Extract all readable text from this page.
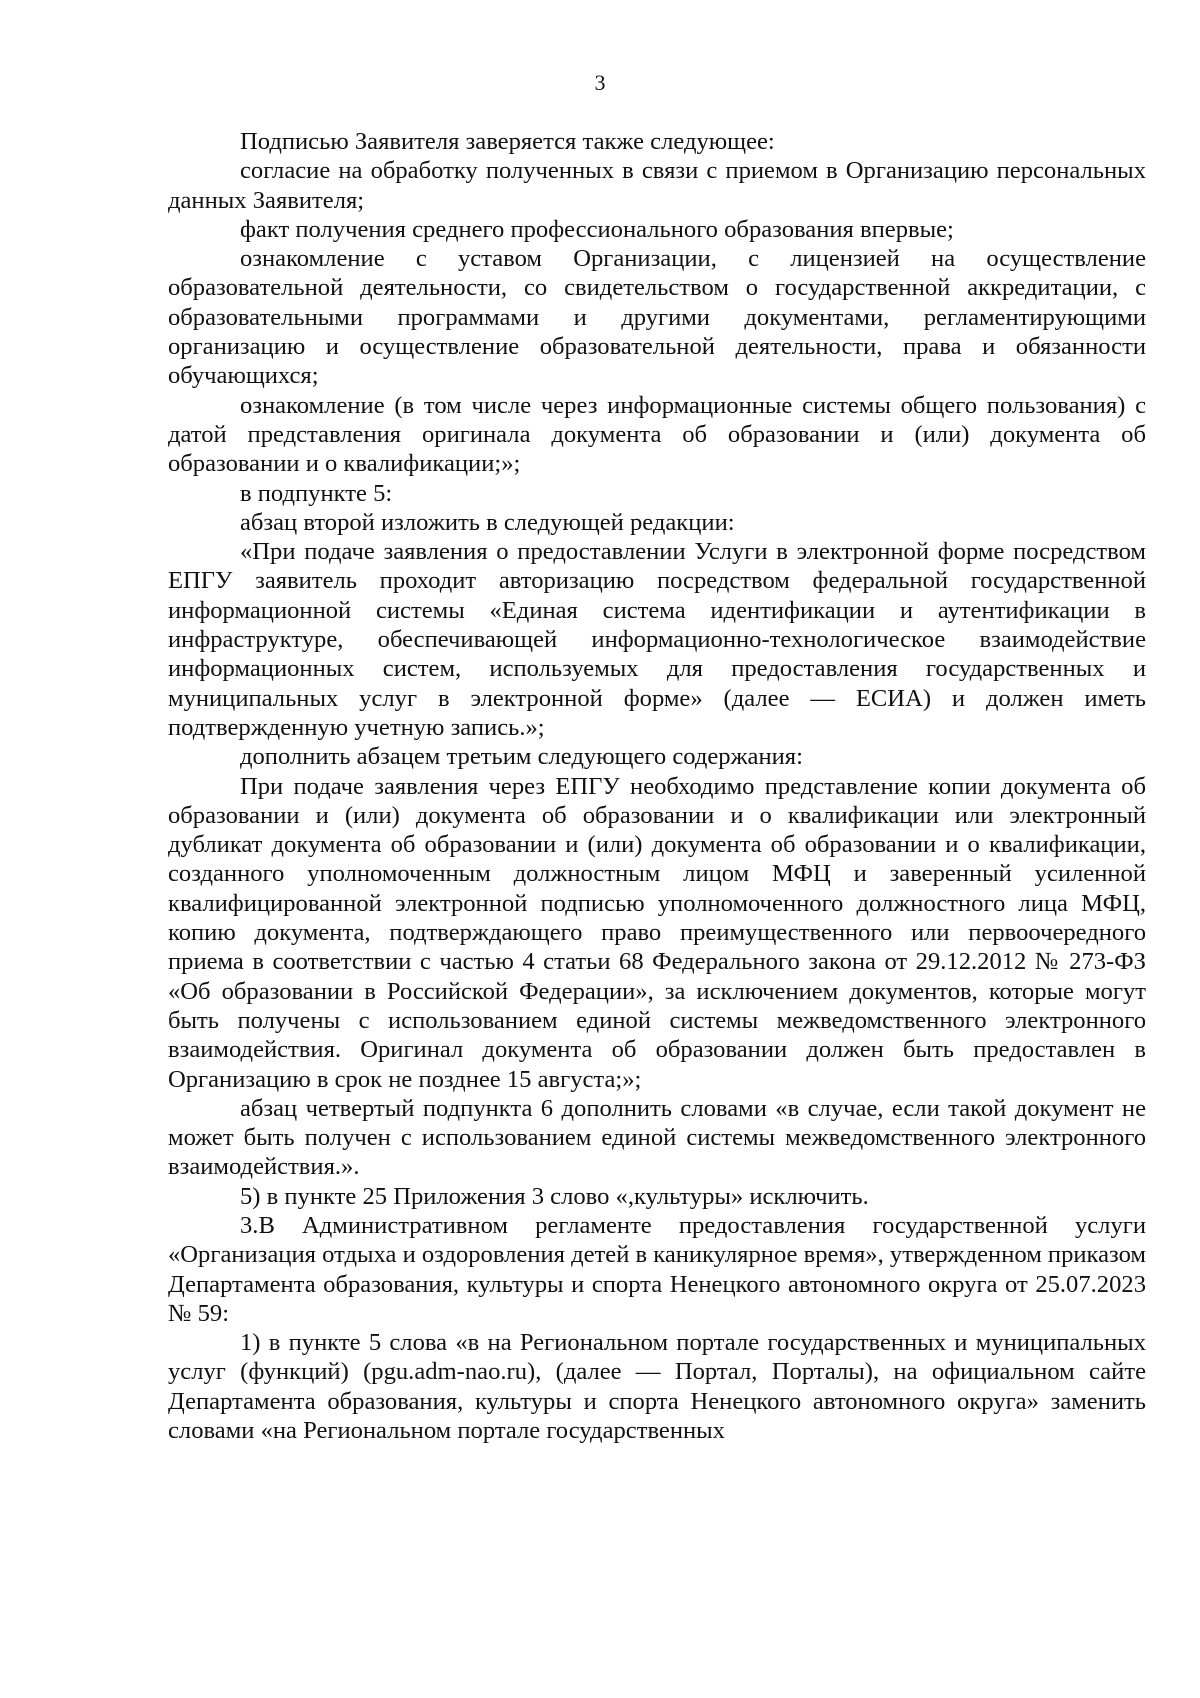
3

Подписью Заявителя заверяется также следующее:

согласие на обработку полученных в связи с приемом в Организацию персональных данных Заявителя;

факт получения среднего профессионального образования впервые;

ознакомление с уставом Организации, с лицензией на осуществление образовательной деятельности, со свидетельством о государственной аккредитации, с образовательными программами и другими документами, регламентирующими организацию и осуществление образовательной деятельности, права и обязанности обучающихся;

ознакомление (в том числе через информационные системы общего пользования) с датой представления оригинала документа об образовании и (или) документа об образовании и о квалификации;»;

в подпункте 5:

абзац второй изложить в следующей редакции:

«При подаче заявления о предоставлении Услуги в электронной форме посредством ЕПГУ заявитель проходит авторизацию посредством федеральной государственной информационной системы «Единая система идентификации и аутентификации в инфраструктуре, обеспечивающей информационно-технологическое взаимодействие информационных систем, используемых для предоставления государственных и муниципальных услуг в электронной форме» (далее — ЕСИА) и должен иметь подтвержденную учетную запись.»;

дополнить абзацем третьим следующего содержания:

При подаче заявления через ЕПГУ необходимо представление копии документа об образовании и (или) документа об образовании и о квалификации или электронный дубликат документа об образовании и (или) документа об образовании и о квалификации, созданного уполномоченным должностным лицом МФЦ и заверенный усиленной квалифицированной электронной подписью уполномоченного должностного лица МФЦ, копию документа, подтверждающего право преимущественного или первоочередного приема в соответствии с частью 4 статьи 68 Федерального закона от 29.12.2012 № 273-ФЗ «Об образовании в Российской Федерации», за исключением документов, которые могут быть получены с использованием единой системы межведомственного электронного взаимодействия. Оригинал документа об образовании должен быть предоставлен в Организацию в срок не позднее 15 августа;»;

абзац четвертый подпункта 6 дополнить словами «в случае, если такой документ не может быть получен с использованием единой системы межведомственного электронного взаимодействия.».

5) в пункте 25 Приложения 3 слово «,культуры» исключить.

3.В Административном регламенте предоставления государственной услуги «Организация отдыха и оздоровления детей в каникулярное время», утвержденном приказом Департамента образования, культуры и спорта Ненецкого автономного округа от 25.07.2023 № 59:

1) в пункте 5 слова «в на Региональном портале государственных и муниципальных услуг (функций) (pgu.adm-nao.ru), (далее — Портал, Порталы), на официальном сайте Департамента образования, культуры и спорта Ненецкого автономного округа» заменить словами «на Региональном портале государственных
